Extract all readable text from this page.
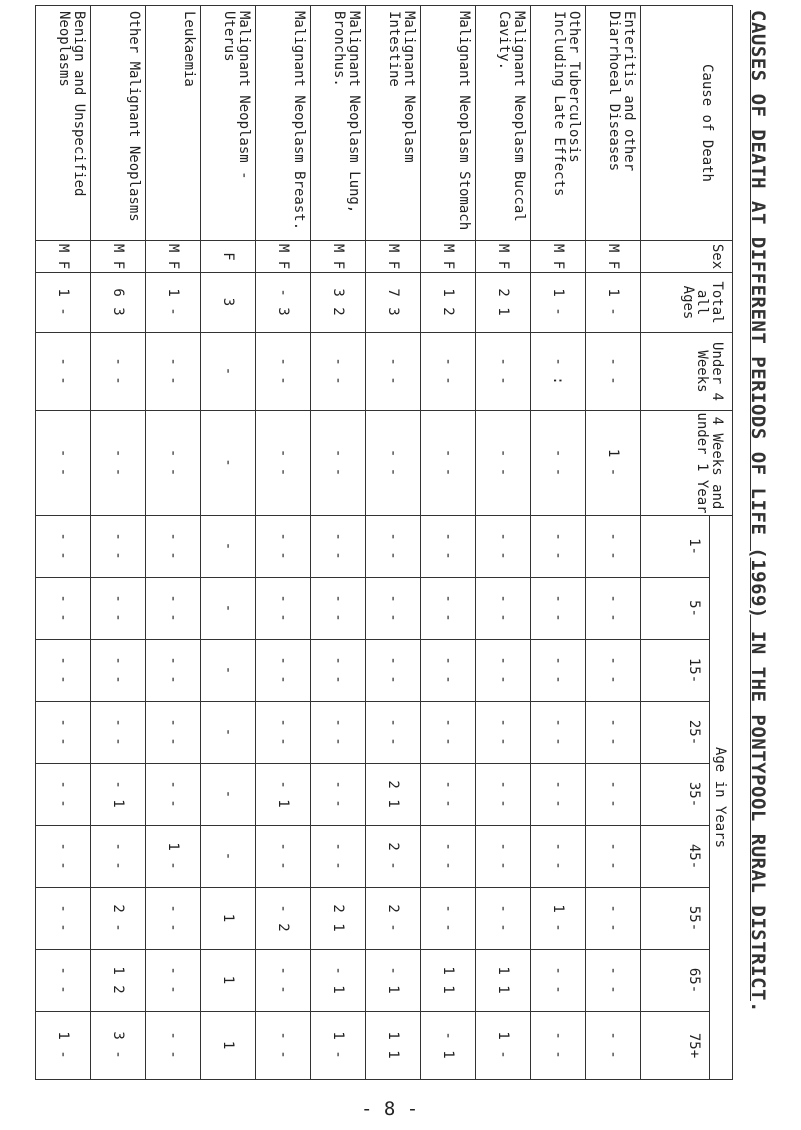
CAUSES OF DEATH AT DIFFERENT PERIODS OF LIFE (1969) IN THE PONTYPOOL RURAL DISTRICT.
Cause of Death	Sex	Total all Ages	Under 4 Weeks	4 Weeks and under 1 Year	Age in Years								
					1-	5-	15-	25-	35-	45-	55-	65-	75+
Enteritis and other Diarrhoeal Diseases	M F	1 -	- -	1 -	- -	- -	- -	- -	- -	- -	- -	- -	- -
Other Tuberculosis Including Late Effects	M F	1 -	- :	- -	- -	- -	- -	- -	- -	- -	1 -	- -	- -
Malignant Neoplasm Buccal Cavity.	M F	2 1	- -	- -	- -	- -	- -	- -	- -	- -	- -	1 1	1 -
Malignant Neoplasm Stomach	M F	1 2	- -	- -	- -	- -	- -	- -	- -	- -	- -	1 1	- 1
Malignant Neoplasm Intestine	M F	7 3	- -	- -	- -	- -	- -	- -	2 1	2 -	2 -	- 1	1 1
Malignant Neoplasm Lung, Bronchus.	M F	3 2	- -	- -	- -	- -	- -	- -	- -	- -	2 1	- 1	1 -
Malignant Neoplasm Breast.	M F	- 3	- -	- -	- -	- -	- -	- -	- 1	- -	- 2	- -	- -
Malignant Neoplasm - Uterus	F	3	-	-	-	-	-	-	-	-	1	1	1
Leukaemia	M F	1 -	- -	- -	- -	- -	- -	- -	- -	1 -	- -	- -	- -
Other Malignant Neoplasms	M F	6 3	- -	- -	- -	- -	- -	- -	- 1	- -	2 -	1 2	3 -
Benign and Unspecified Neoplasms	M F	1 -	- -	- -	- -	- -	- -	- -	- -	- -	- -	- -	1 -
- 8 -
